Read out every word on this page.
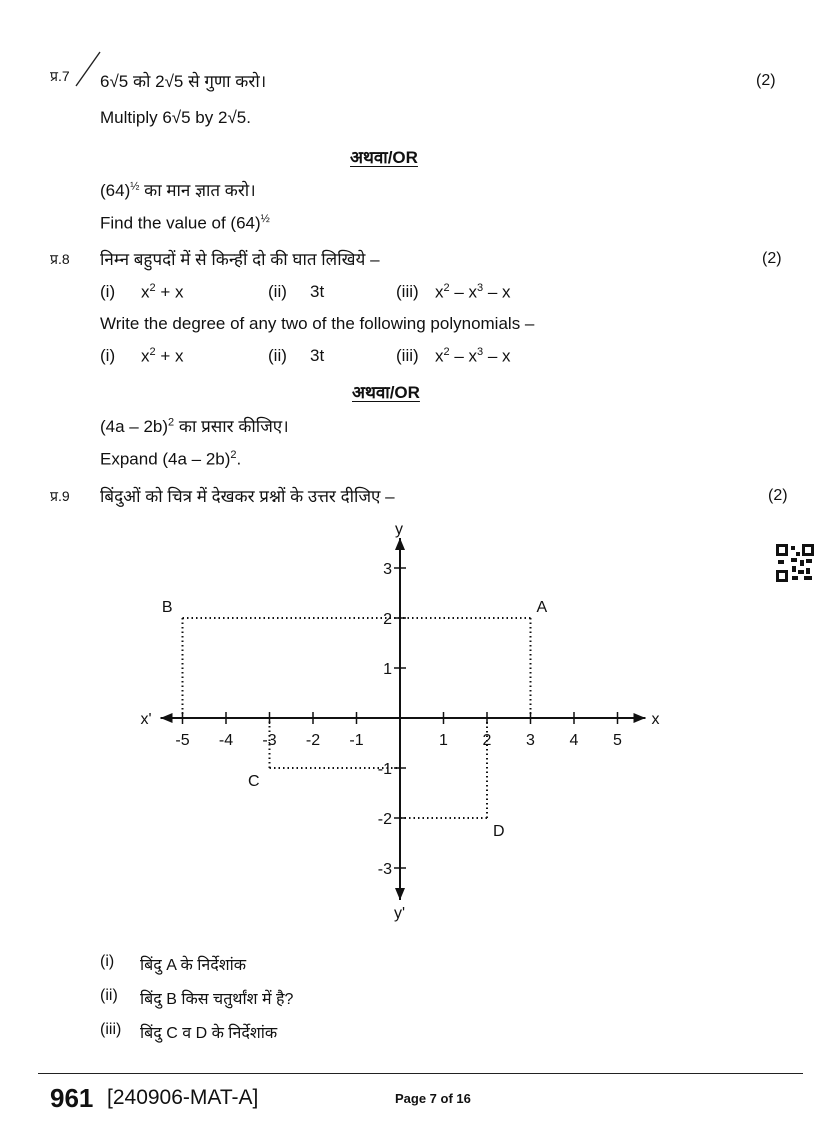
प्र.7 6√5 को 2√5 से गुणा करो।	(2)
Multiply 6√5 by 2√5.
अथवा/OR
$(64)^{\frac{1}{2}}$ का मान ज्ञात करो।
Find the value of $(64)^{\frac{1}{2}}$
प्र.8 निम्न बहुपदों में से किन्हीं दो की घात लिखिये –	(2)
(i) $x^2 + x$	(ii) 3t	(iii) $x^2 - x^3$ – x
Write the degree of any two of the following polynomials –
(i) $x^2 + x$	(ii) 3t	(iii) $x^2 - x^3$ – x
अथवा/OR
(4a – 2b)$^2$ का प्रसार कीजिए।
Expand (4a – 2b)$^2$.
प्र.9 बिंदुओं को चित्र में देखकर प्रश्नों के उत्तर दीजिए –	(2)
x
x'
y
y'
-5 -4 -3 -2 -1	1 2 3 4 5
3
2
1
-1
-2
-3
A
B
C
D
(i) बिंदु A के निर्देशांक
(ii) बिंदु B किस चतुर्थांश में है?
(iii) बिंदु C व D के निर्देशांक
961 [240906-MAT-A]	Page 7 of 16
